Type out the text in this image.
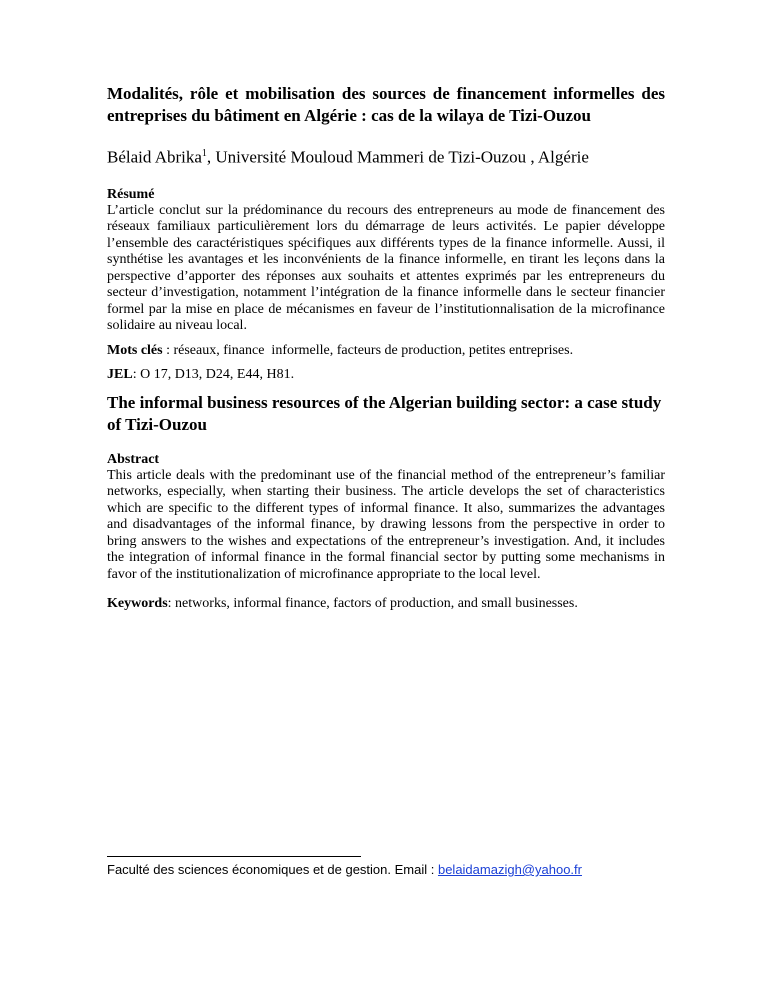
Modalités, rôle et mobilisation des sources de financement informelles des entreprises du bâtiment en Algérie : cas de la wilaya de Tizi-Ouzou

Bélaid Abrika$^1$, Université Mouloud Mammeri de Tizi-Ouzou , Algérie

Résumé

L’article conclut sur la prédominance du recours des entrepreneurs au mode de financement des réseaux familiaux particulièrement lors du démarrage de leurs activités. Le papier développe l’ensemble des caractéristiques spécifiques aux différents types de la finance informelle. Aussi, il synthétise les avantages et les inconvénients de la finance informelle, en tirant les leçons dans la perspective d’apporter des réponses aux souhaits et attentes exprimés par les entrepreneurs du secteur d’investigation, notamment l’intégration de la finance informelle dans le secteur financier formel par la mise en place de mécanismes en faveur de l’institutionnalisation de la microfinance solidaire au niveau local.

Mots clés : réseaux, finance  informelle, facteurs de production, petites entreprises.

JEL: O 17, D13, D24, E44, H81.

The informal business resources of the Algerian building sector: a case study of Tizi-Ouzou
Abstract

This article deals with the predominant use of the financial method of the entrepreneur’s familiar networks, especially, when starting their business. The article develops the set of characteristics which are specific to the different types of informal finance. It also, summarizes the advantages and disadvantages of the informal finance, by drawing lessons from the perspective in order to bring answers to the wishes and expectations of the entrepreneur’s investigation. And, it includes the integration of informal finance in the formal financial sector by putting some mechanisms in favor of the institutionalization of microfinance appropriate to the local level.

Keywords: networks, informal finance, factors of production, and small businesses.

Faculté des sciences économiques et de gestion. Email : belaidamazigh@yahoo.fr
